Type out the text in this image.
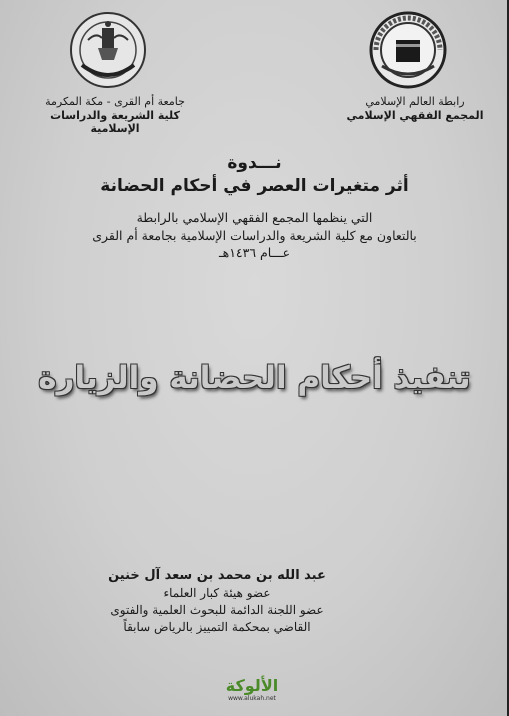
جامعة أم القرى - مكة المكرمة
كلية الشريعة والدراسات الإسلامية
رابطة العالم الإسلامي
المجمع الفقهي الإسلامي
نـــدوة
أثر متغيرات العصر في أحكام الحضانة
التي ينظمها المجمع الفقهي الإسلامي بالرابطة
بالتعاون مع كلية الشريعة والدراسات الإسلامية بجامعة أم القرى
عـــام ١٤٣٦هـ
تنفيذ أحكام الحضانة والزيارة
عبد الله بن محمد بن سعد آل خنين
عضو هيئة كبار العلماء
عضو اللجنة الدائمة للبحوث العلمية والفتوى
القاضي بمحكمة التمييز بالرياض سابقاً
الألوكة
www.alukah.net
